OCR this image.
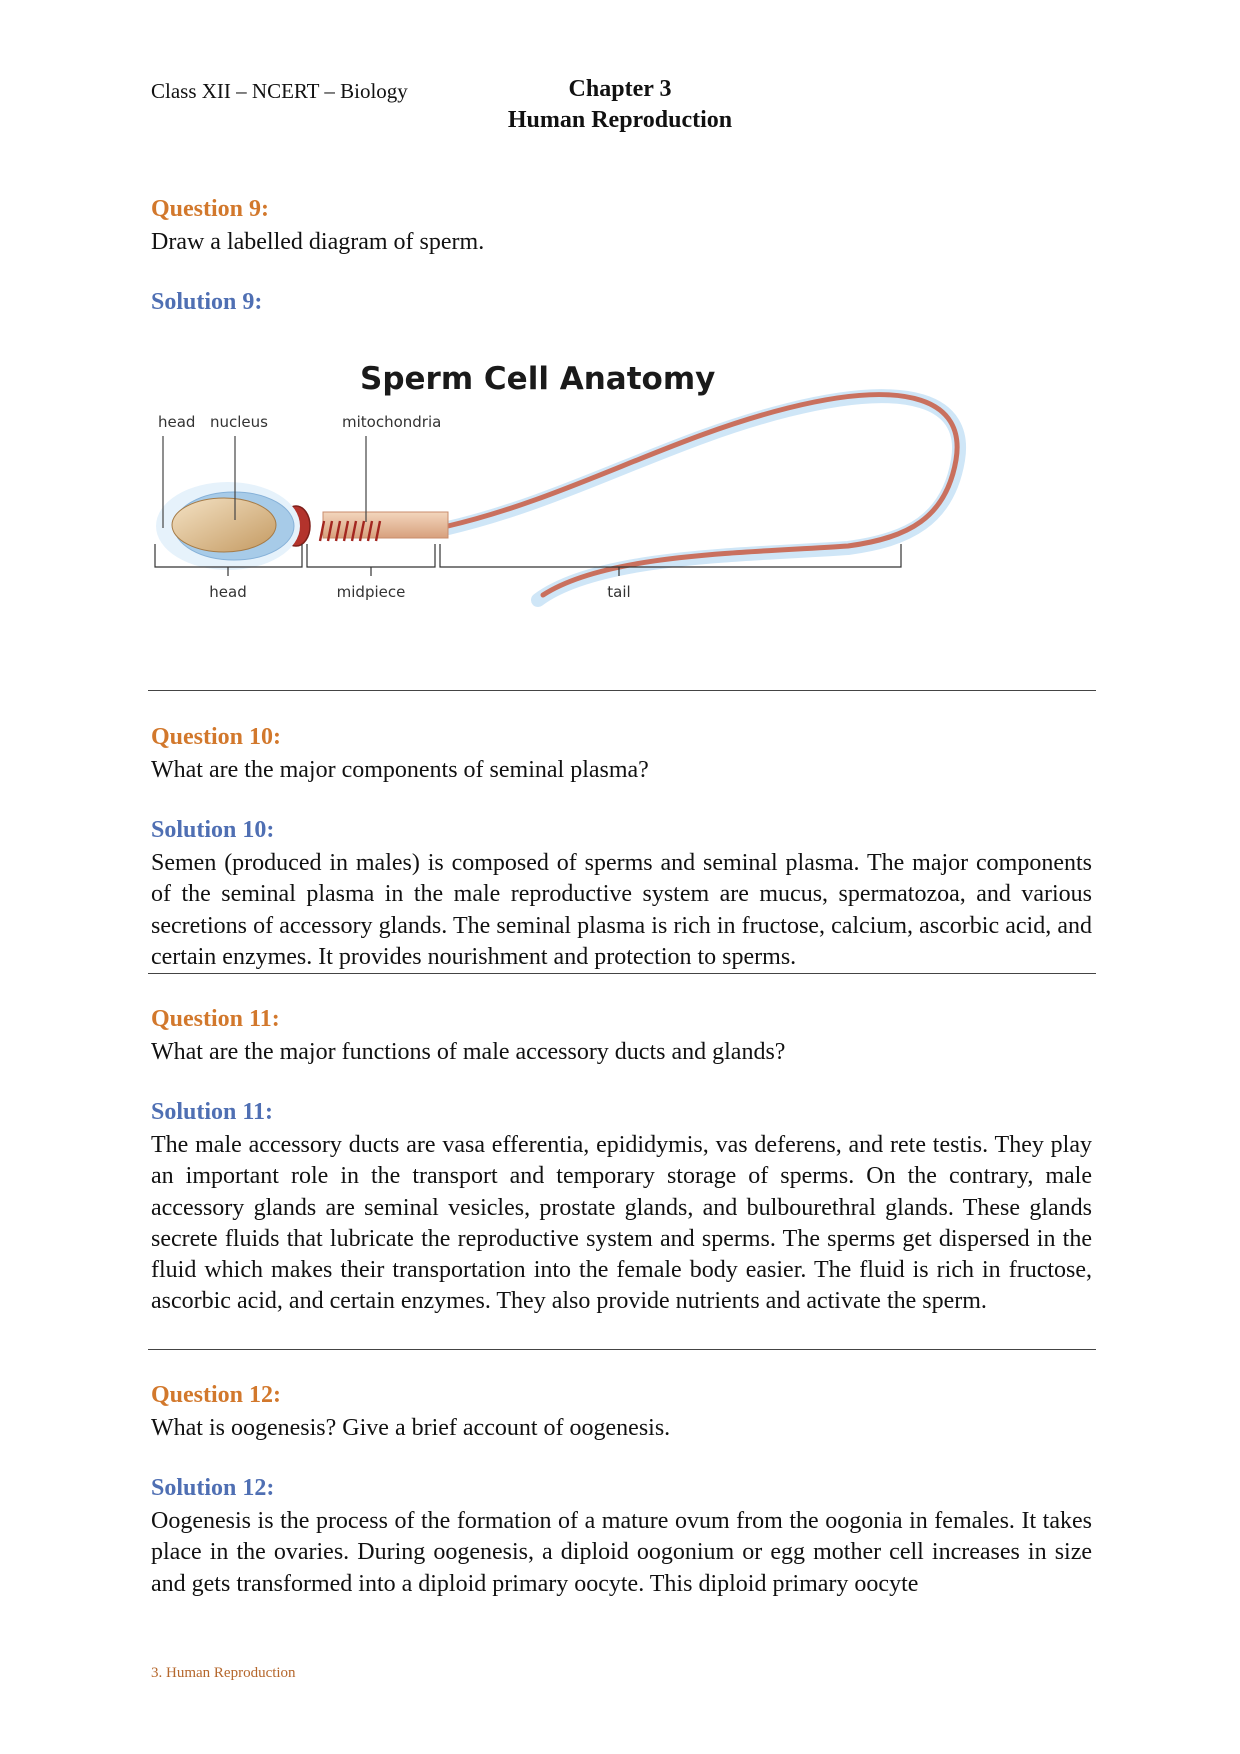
Class XII – NCERT – Biology	Chapter 3
Human Reproduction
Question 9:
Draw a labelled diagram of sperm.
Solution 9:
Sperm Cell Anatomy
head nucleus	mitochondria
head	midpiece	tail
Question 10:
What are the major components of seminal plasma?
Solution 10:
Semen (produced in males) is composed of sperms and seminal plasma. The major components of the seminal plasma in the male reproductive system are mucus, spermatozoa, and various secretions of accessory glands. The seminal plasma is rich in fructose, calcium, ascorbic acid, and certain enzymes. It provides nourishment and protection to sperms.
Question 11:
What are the major functions of male accessory ducts and glands?
Solution 11:
The male accessory ducts are vasa efferentia, epididymis, vas deferens, and rete testis. They play an important role in the transport and temporary storage of sperms. On the contrary, male accessory glands are seminal vesicles, prostate glands, and bulbourethral glands. These glands secrete fluids that lubricate the reproductive system and sperms. The sperms get dispersed in the fluid which makes their transportation into the female body easier. The fluid is rich in fructose, ascorbic acid, and certain enzymes. They also provide nutrients and activate the sperm.
Question 12:
What is oogenesis? Give a brief account of oogenesis.
Solution 12:
Oogenesis is the process of the formation of a mature ovum from the oogonia in females. It takes place in the ovaries. During oogenesis, a diploid oogonium or egg mother cell increases in size and gets transformed into a diploid primary oocyte. This diploid primary oocyte
3. Human Reproduction
